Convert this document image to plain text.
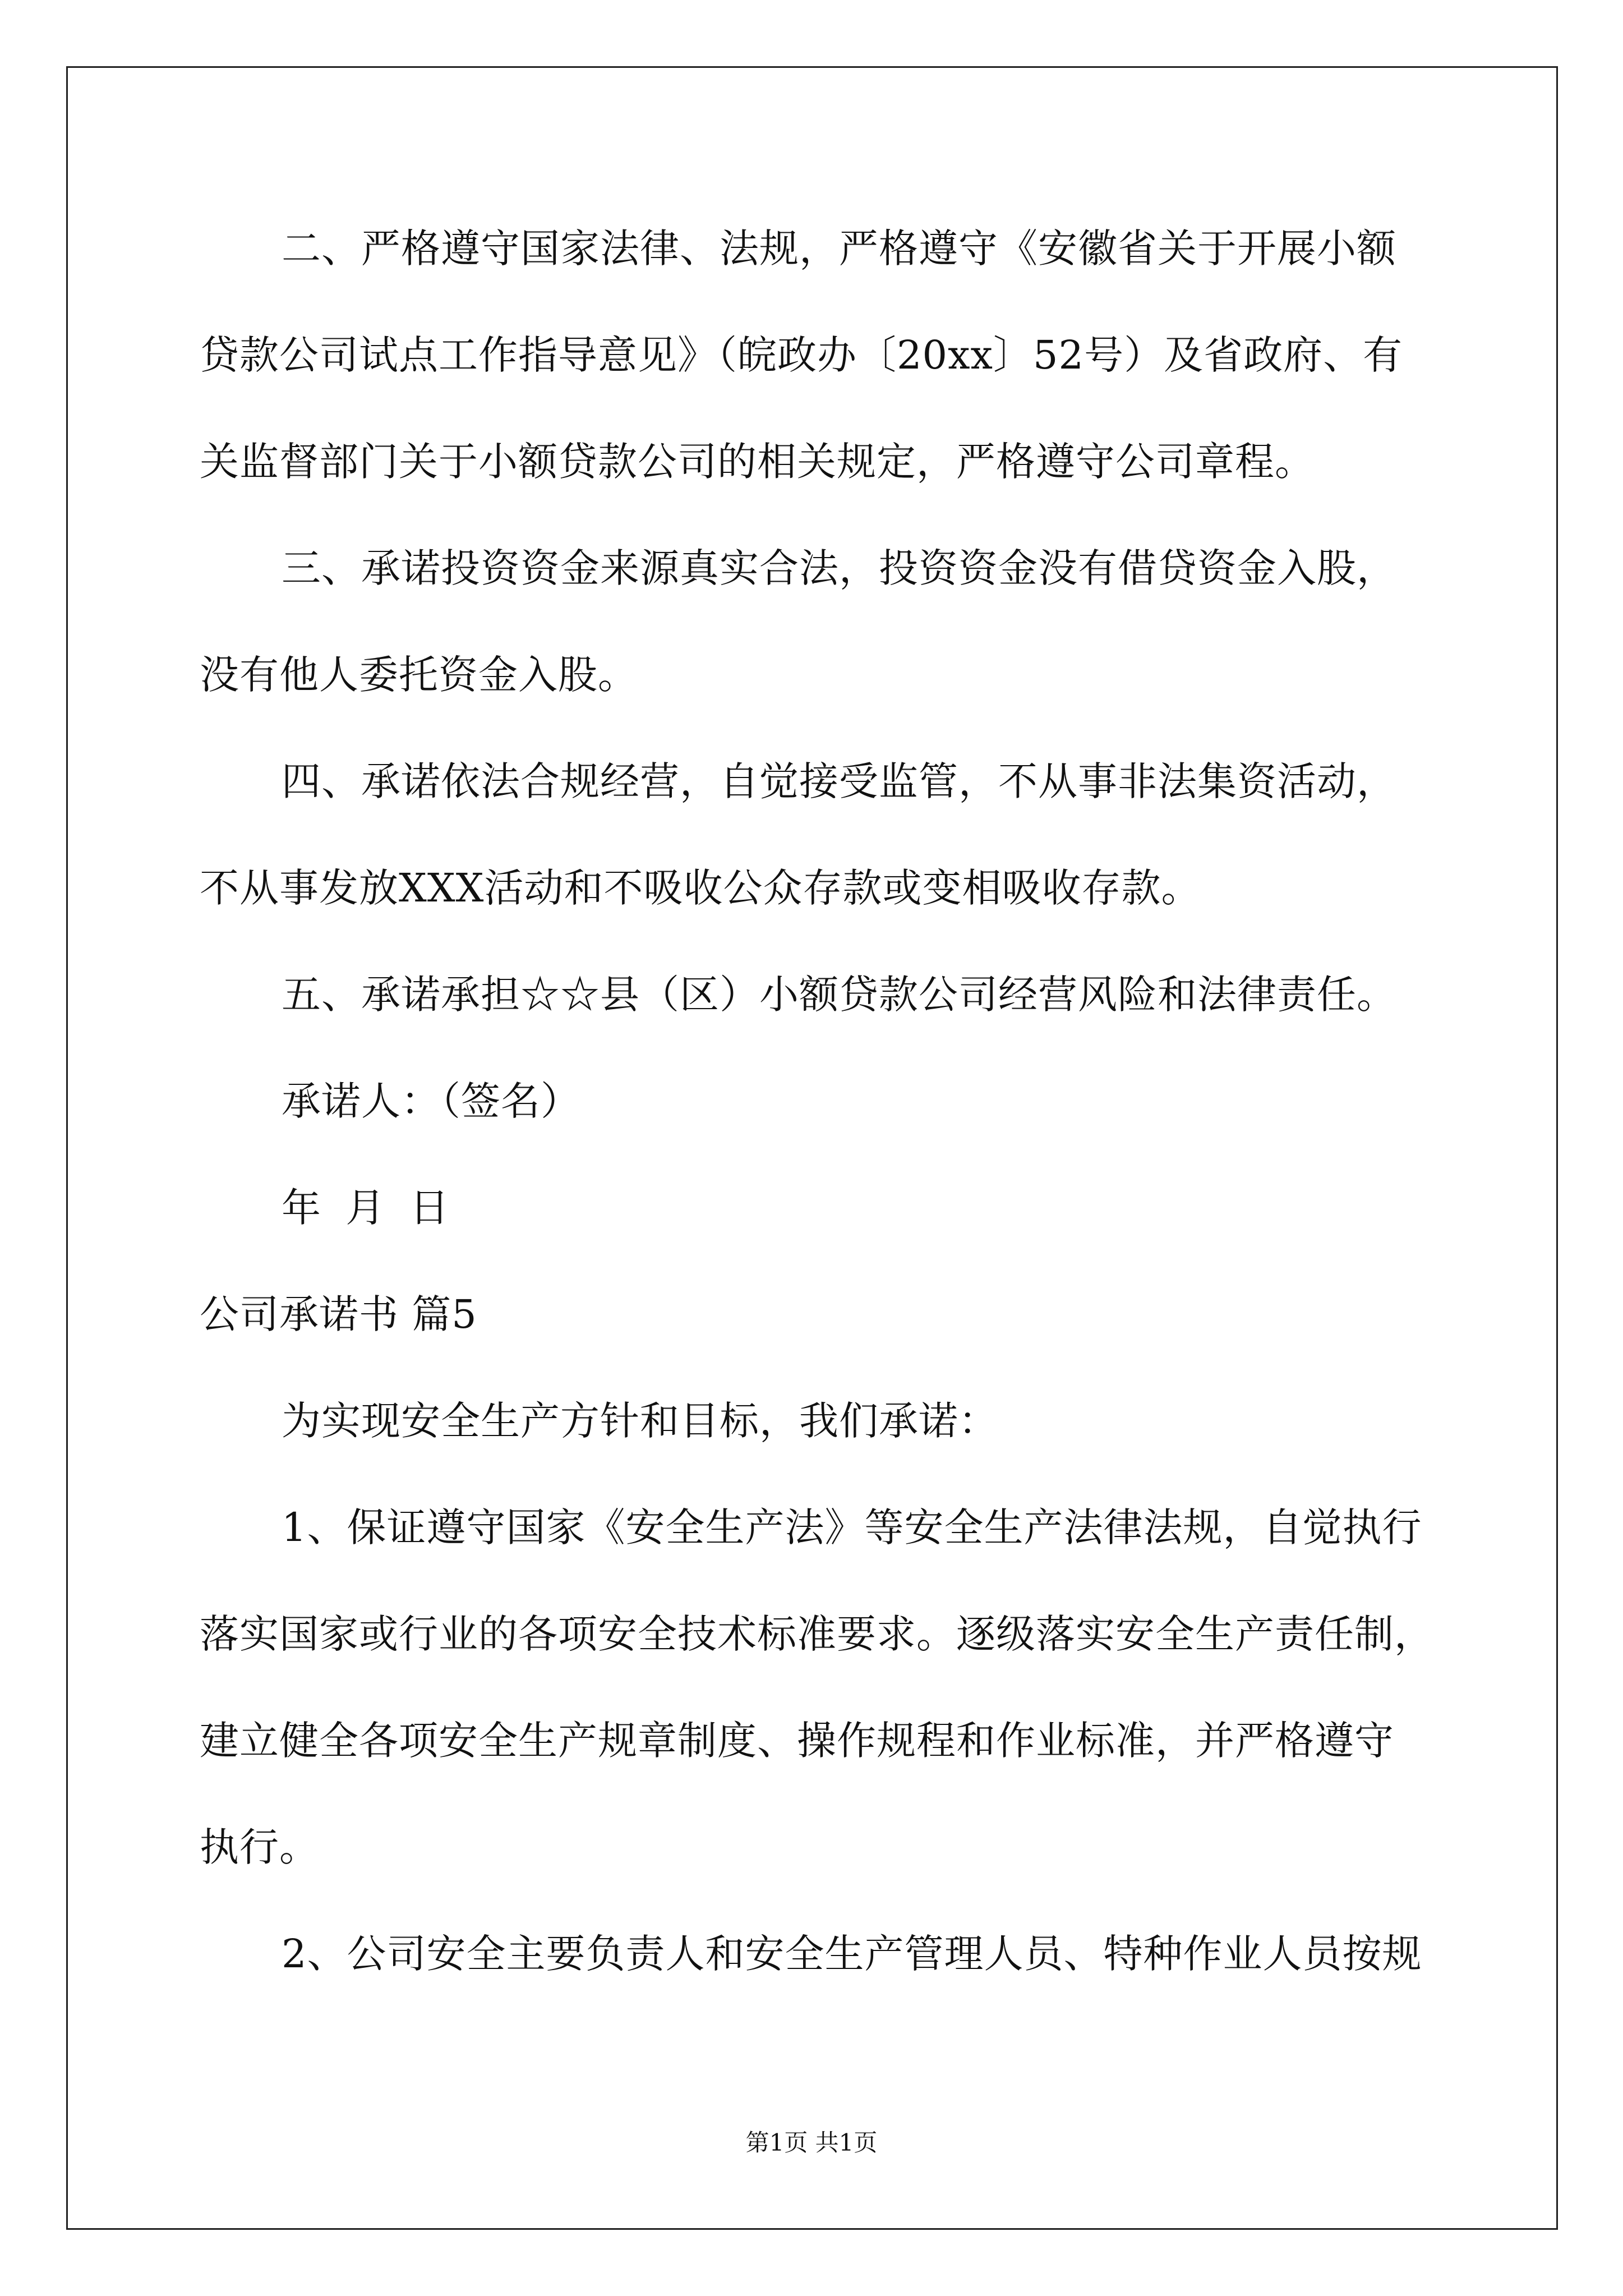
二、严格遵守国家法律、法规，严格遵守《安徽省关于开展小额
贷款公司试点工作指导意见》（皖政办〔20xx〕52号）及省政府、有
关监督部门关于小额贷款公司的相关规定，严格遵守公司章程。
三、承诺投资资金来源真实合法，投资资金没有借贷资金入股，
没有他人委托资金入股。
四、承诺依法合规经营，自觉接受监管，不从事非法集资活动，
不从事发放XXX活动和不吸收公众存款或变相吸收存款。
五、承诺承担☆☆县（区）小额贷款公司经营风险和法律责任。
承诺人：（签名）
年 月 日
公司承诺书 篇5
为实现安全生产方针和目标，我们承诺：
1、保证遵守国家《安全生产法》等安全生产法律法规，自觉执行
落实国家或行业的各项安全技术标准要求。逐级落实安全生产责任制，
建立健全各项安全生产规章制度、操作规程和作业标准，并严格遵守
执行。
2、公司安全主要负责人和安全生产管理人员、特种作业人员按规
第1页 共1页
